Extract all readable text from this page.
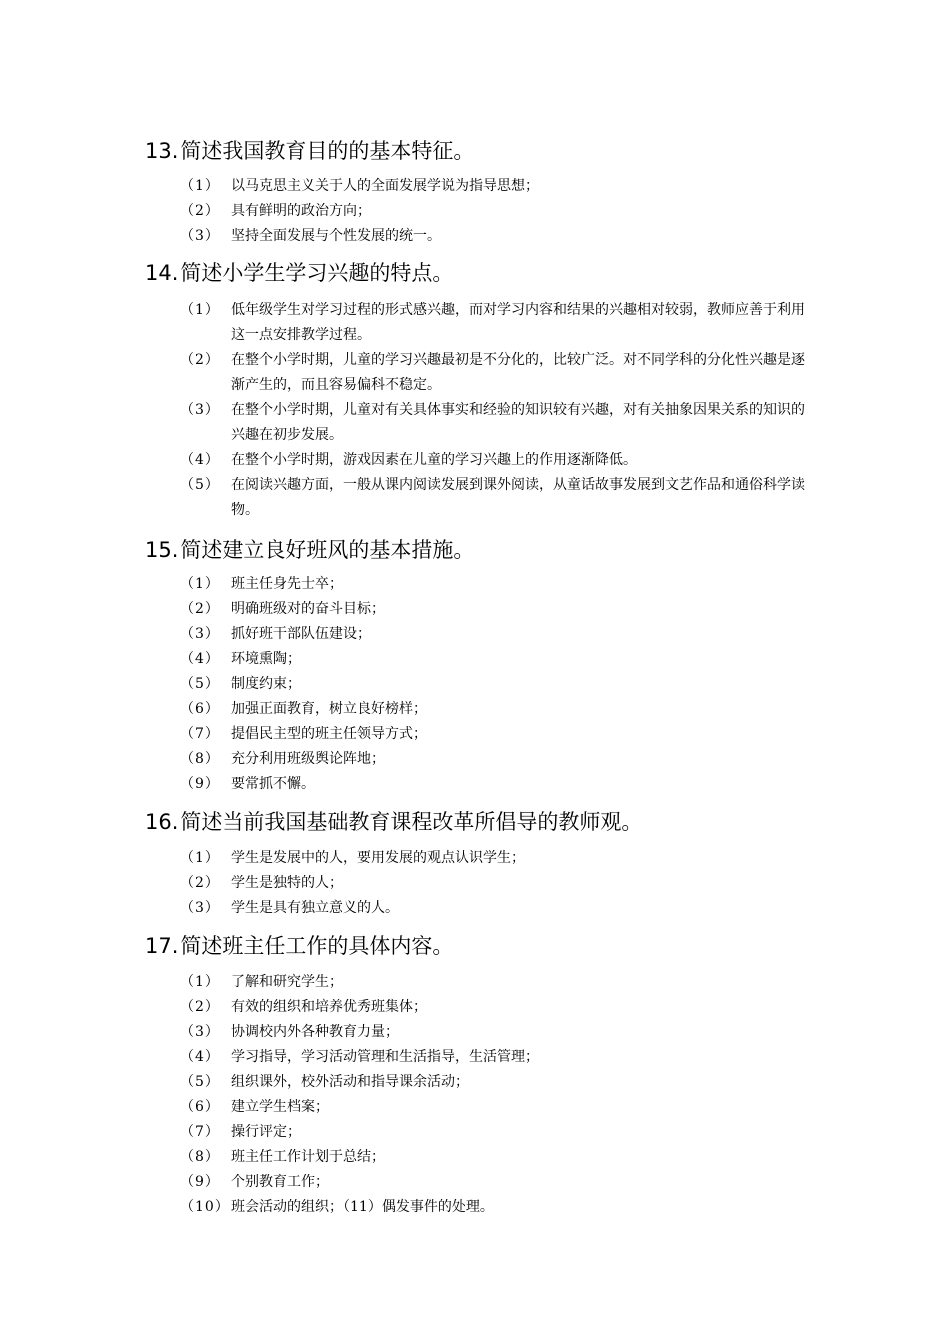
13.简述我国教育目的的基本特征。
（1） 以马克思主义关于人的全面发展学说为指导思想；
（2） 具有鲜明的政治方向；
（3） 坚持全面发展与个性发展的统一。
14.简述小学生学习兴趣的特点。
（1） 低年级学生对学习过程的形式感兴趣，而对学习内容和结果的兴趣相对较弱，教师应善于利用这一点安排教学过程。
（2） 在整个小学时期，儿童的学习兴趣最初是不分化的，比较广泛。对不同学科的分化性兴趣是逐渐产生的，而且容易偏科不稳定。
（3） 在整个小学时期，儿童对有关具体事实和经验的知识较有兴趣，对有关抽象因果关系的知识的兴趣在初步发展。
（4） 在整个小学时期，游戏因素在儿童的学习兴趣上的作用逐渐降低。
（5） 在阅读兴趣方面，一般从课内阅读发展到课外阅读，从童话故事发展到文艺作品和通俗科学读物。
15.简述建立良好班风的基本措施。
（1） 班主任身先士卒；
（2） 明确班级对的奋斗目标；
（3） 抓好班干部队伍建设；
（4） 环境熏陶；
（5） 制度约束；
（6） 加强正面教育，树立良好榜样；
（7） 提倡民主型的班主任领导方式；
（8） 充分利用班级舆论阵地；
（9） 要常抓不懈。
16.简述当前我国基础教育课程改革所倡导的教师观。
（1） 学生是发展中的人，要用发展的观点认识学生；
（2） 学生是独特的人；
（3） 学生是具有独立意义的人。
17.简述班主任工作的具体内容。
（1） 了解和研究学生；
（2） 有效的组织和培养优秀班集体；
（3） 协调校内外各种教育力量；
（4） 学习指导，学习活动管理和生活指导，生活管理；
（5） 组织课外，校外活动和指导课余活动；
（6） 建立学生档案；
（7） 操行评定；
（8） 班主任工作计划于总结；
（9） 个别教育工作；
（10） 班会活动的组织；（11）偶发事件的处理。
